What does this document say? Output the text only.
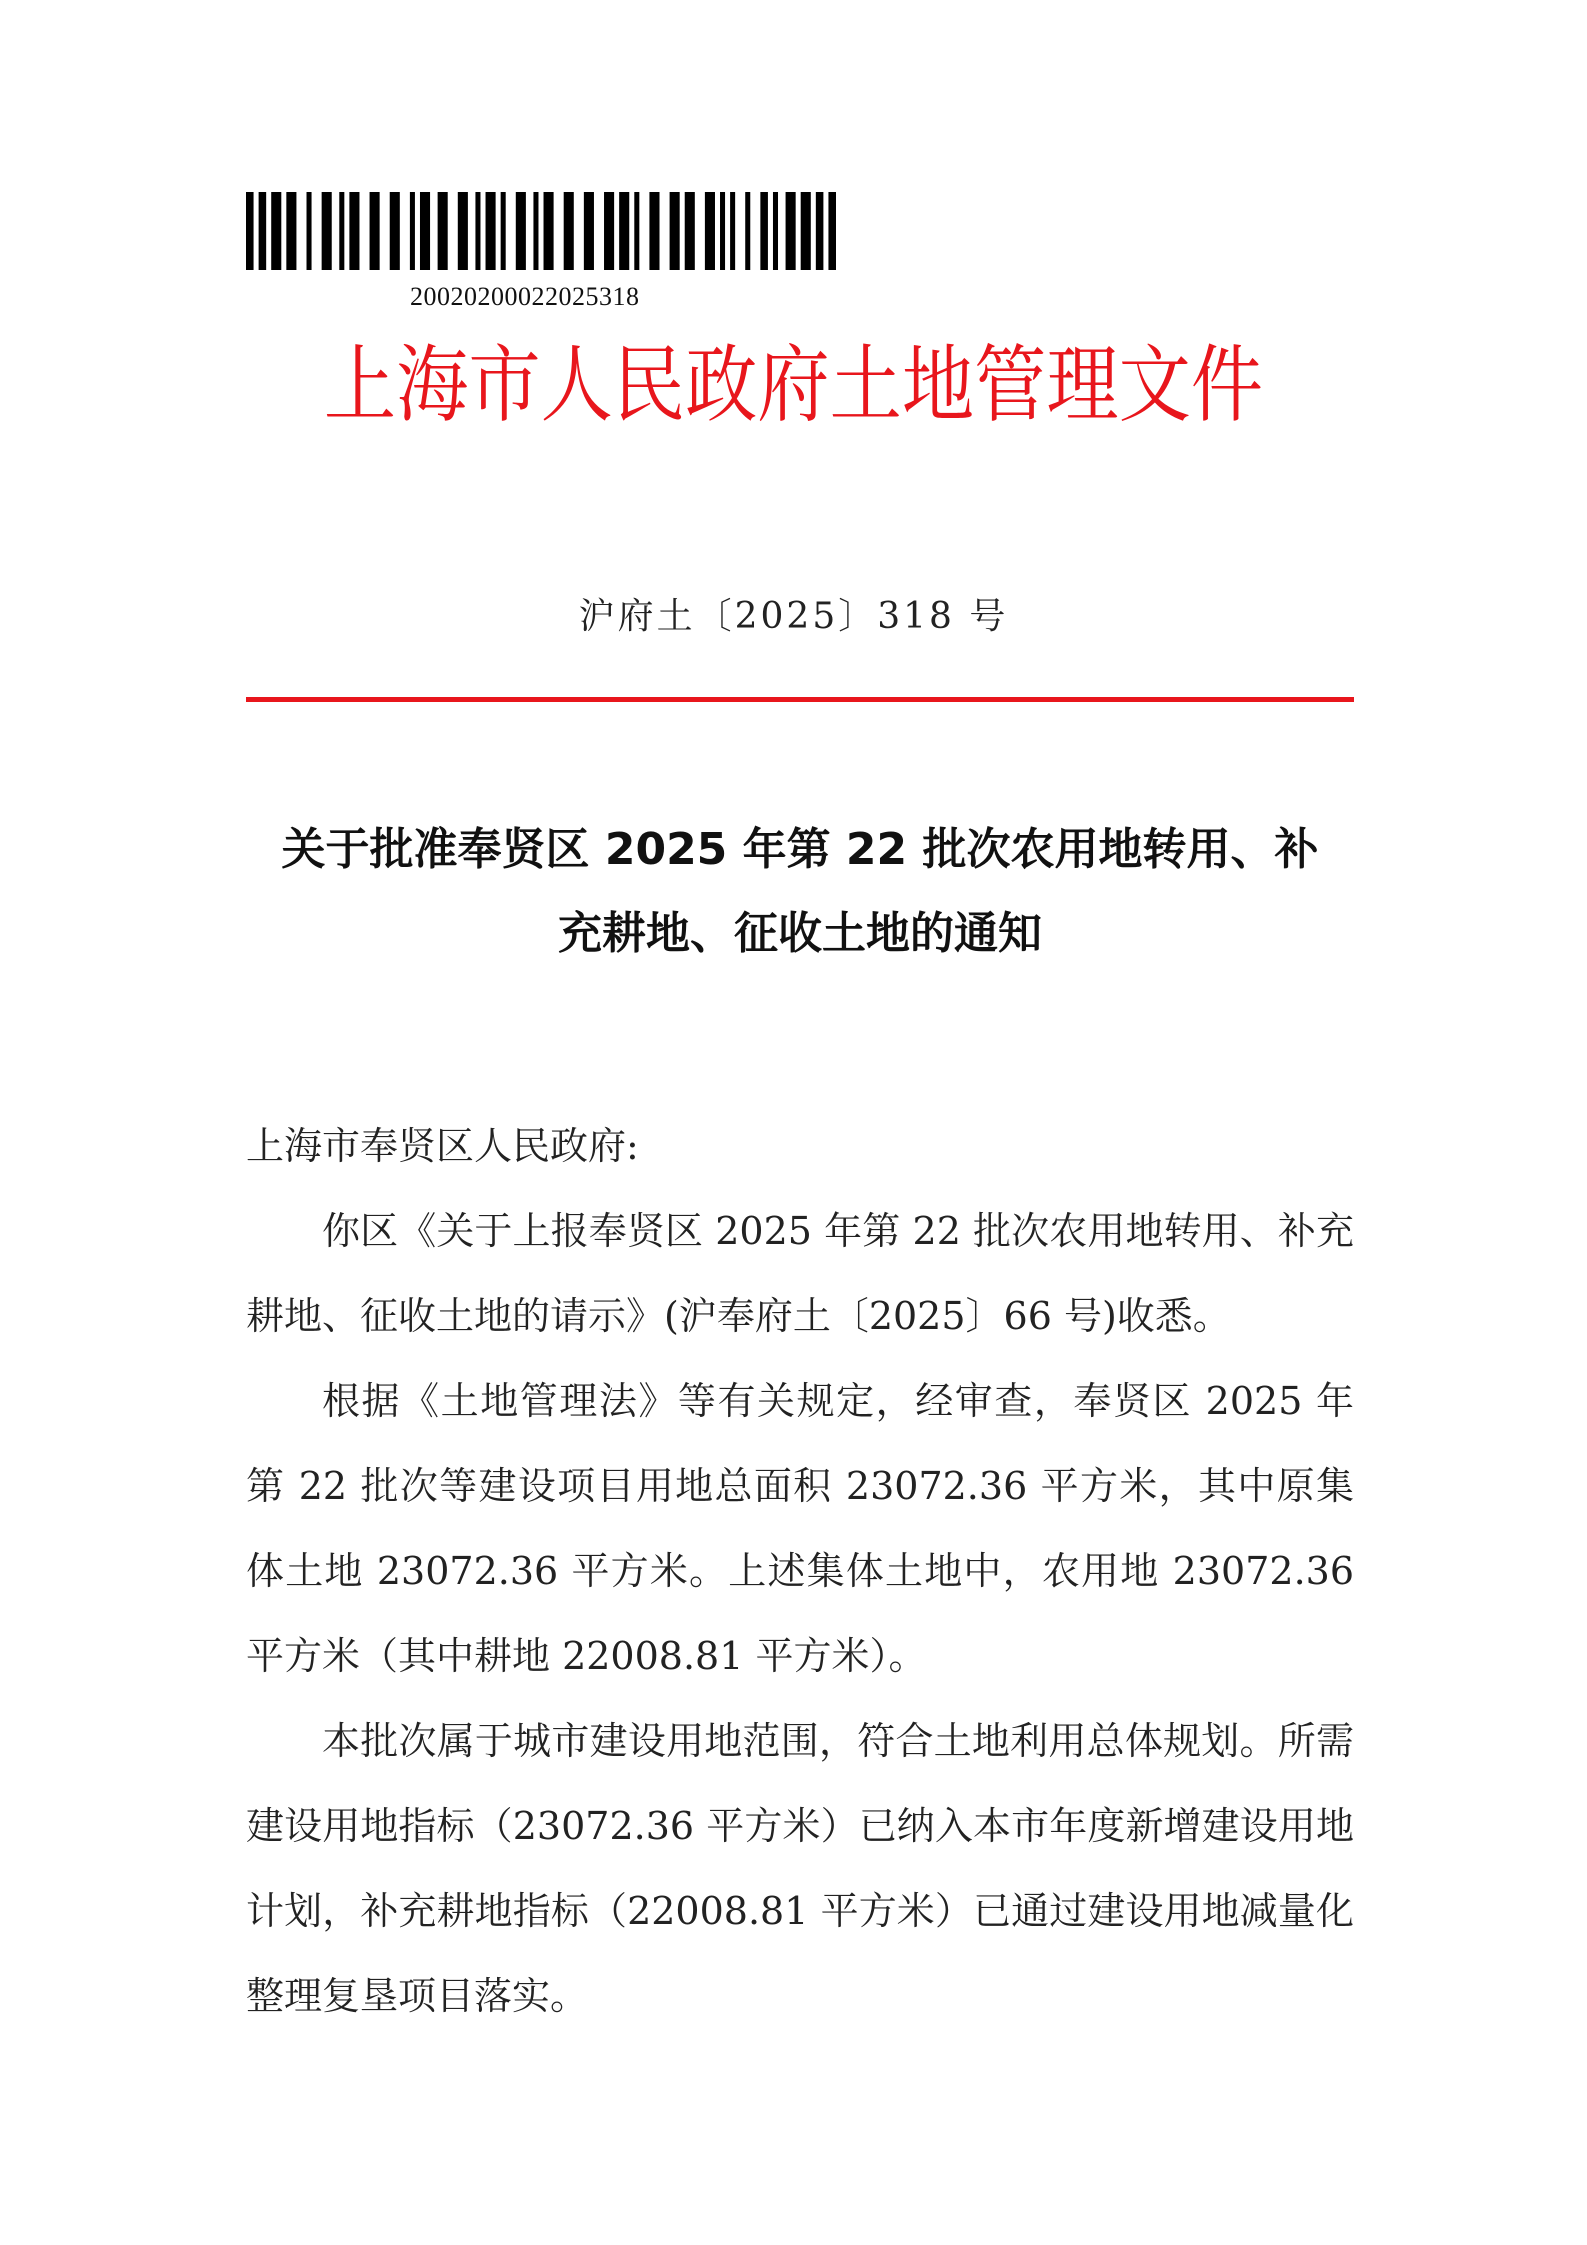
20020200022025318
上海市人民政府土地管理文件
沪府土〔2025〕318 号
关于批准奉贤区 2025 年第 22 批次农用地转用、补
充耕地、征收土地的通知

上海市奉贤区人民政府:

你区《关于上报奉贤区 2025 年第 22 批次农用地转用、补充耕地、征收土地的请示》(沪奉府土〔2025〕66 号)收悉。

根据《土地管理法》等有关规定，经审查，奉贤区 2025 年第 22 批次等建设项目用地总面积 23072.36 平方米，其中原集体土地 23072.36 平方米。上述集体土地中，农用地 23072.36 平方米（其中耕地 22008.81 平方米）。

本批次属于城市建设用地范围，符合土地利用总体规划。所需建设用地指标（23072.36 平方米）已纳入本市年度新增建设用地计划，补充耕地指标（22008.81 平方米）已通过建设用地减量化整理复垦项目落实。
